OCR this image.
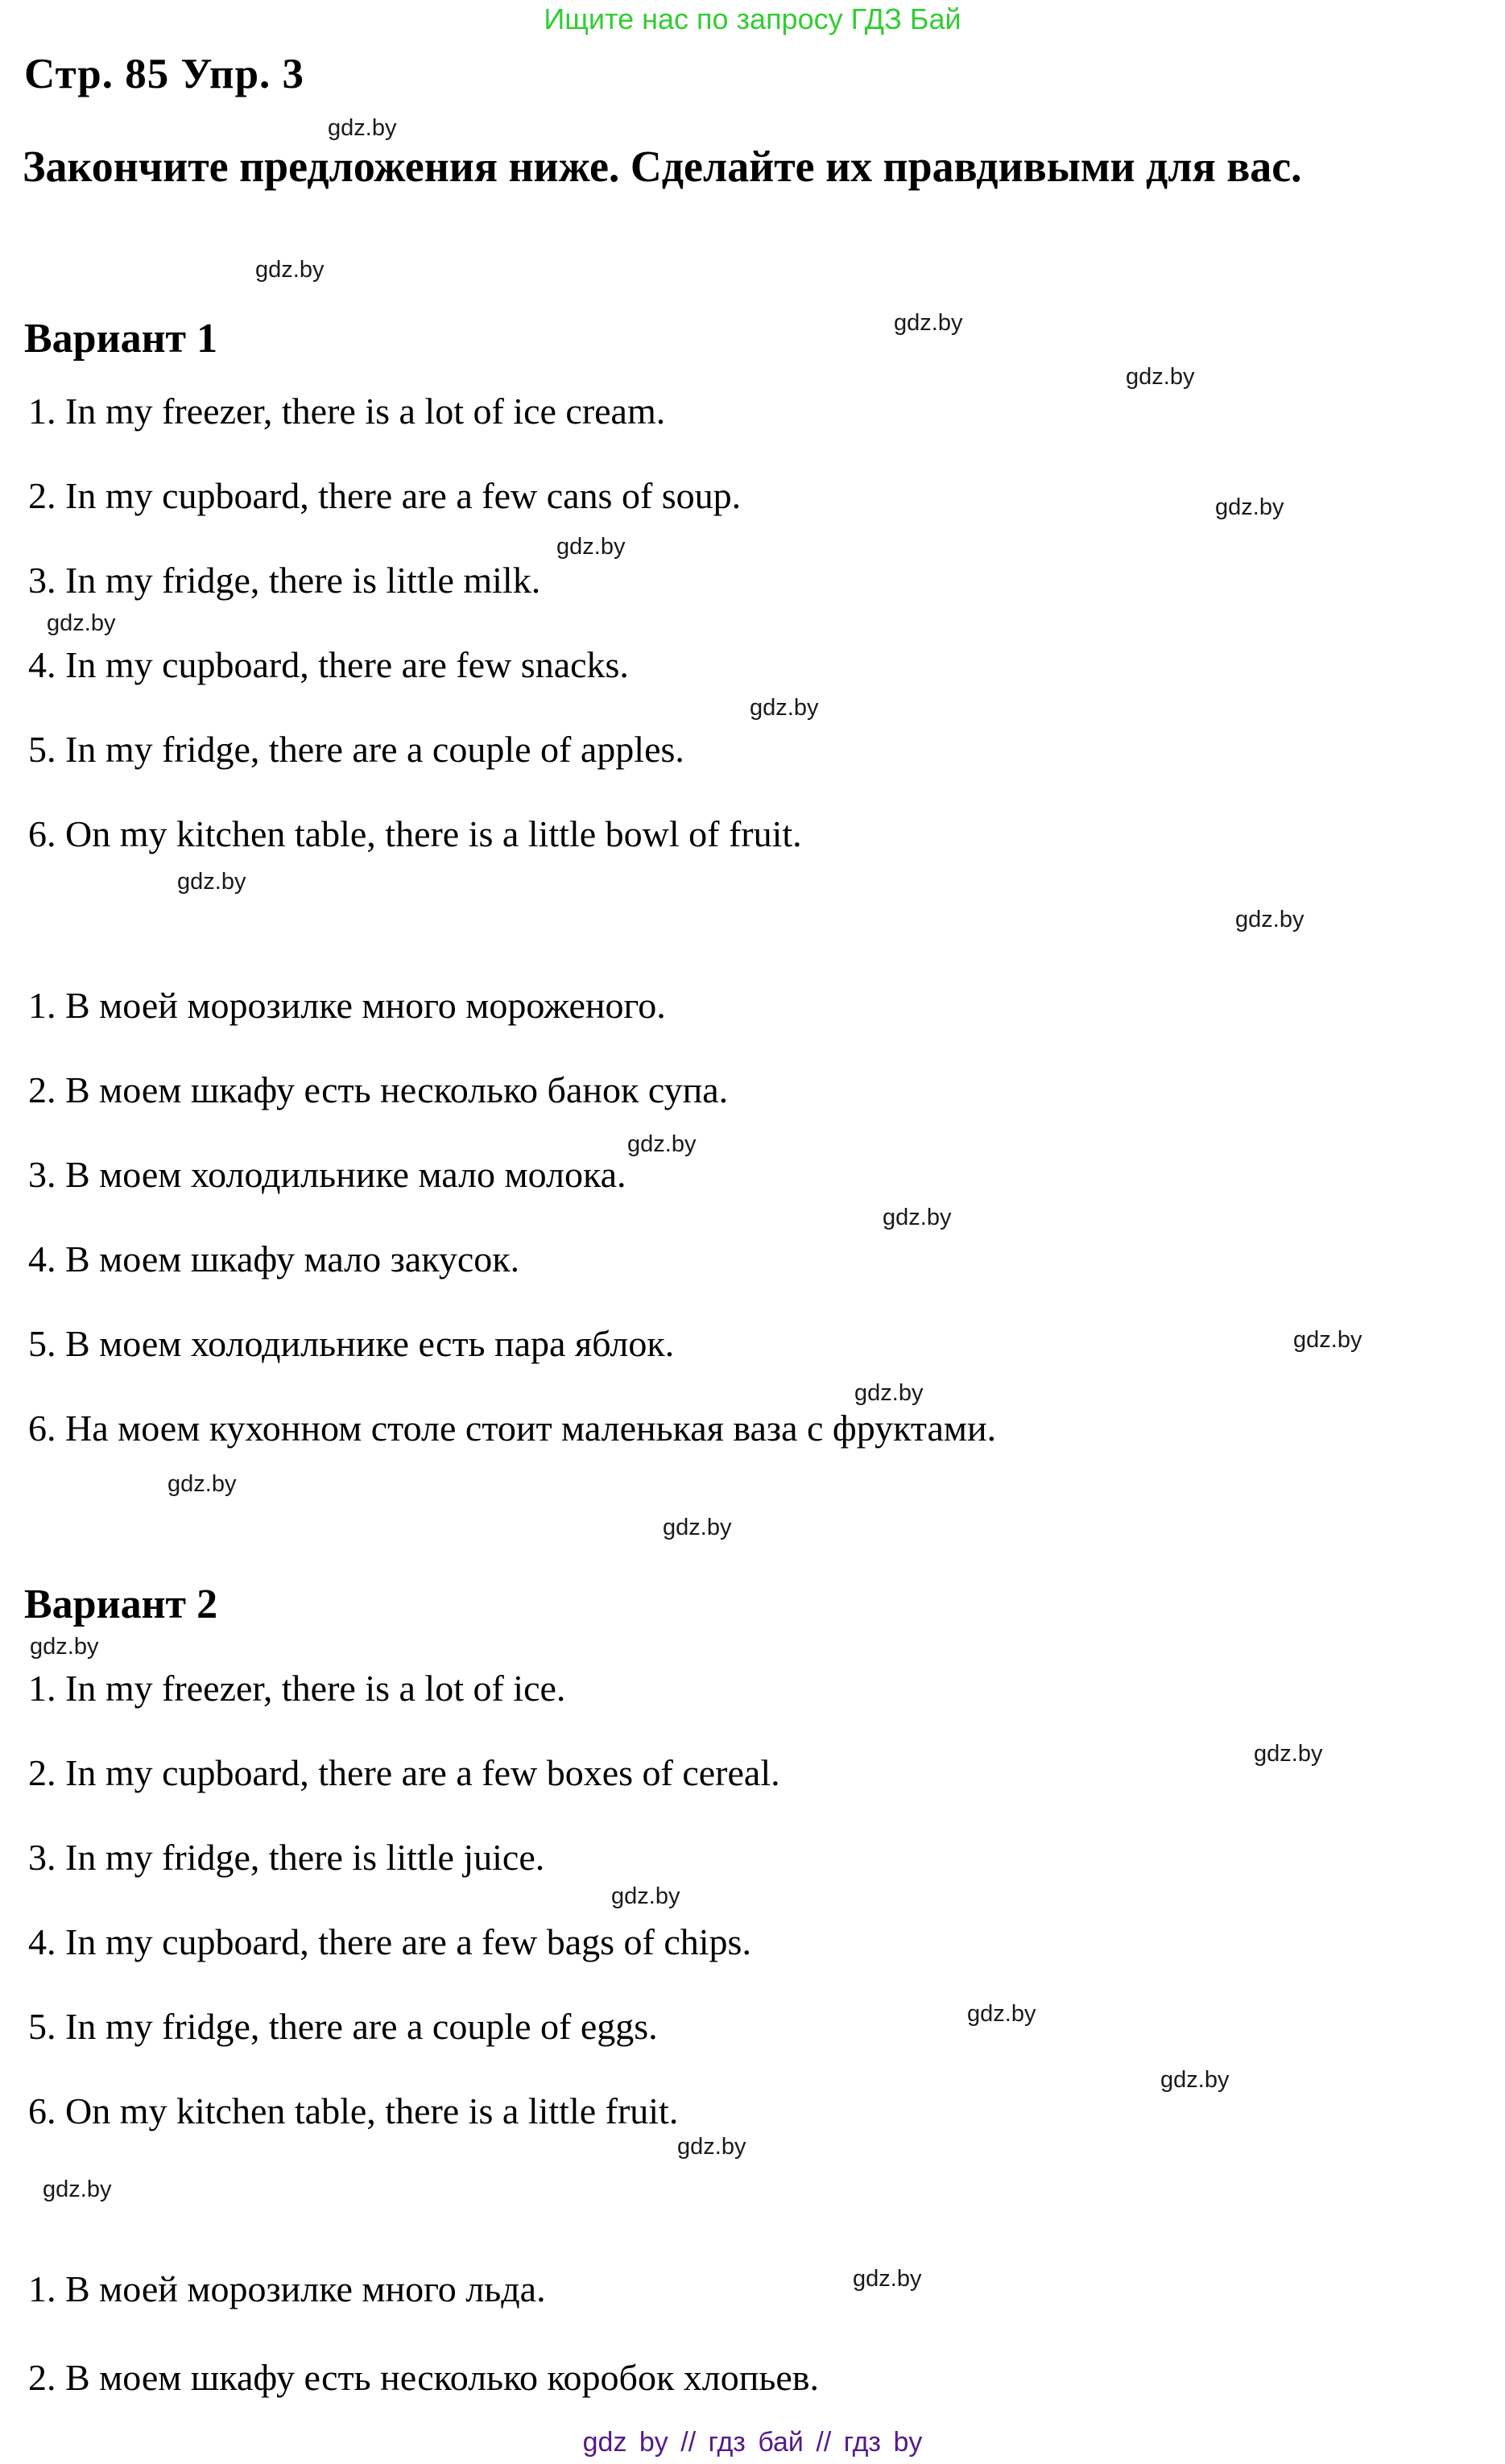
Ищите нас по запросу ГДЗ Бай
Стр. 85 Упр. 3
Закончите предложения ниже. Сделайте их правдивыми для вас.
Вариант 1
1. In my freezer, there is a lot of ice cream.
2. In my cupboard, there are a few cans of soup.
3. In my fridge, there is little milk.
4. In my cupboard, there are few snacks.
5. In my fridge, there are a couple of apples.
6. On my kitchen table, there is a little bowl of fruit.
1. В моей морозилке много мороженого.
2. В моем шкафу есть несколько банок супа.
3. В моем холодильнике мало молока.
4. В моем шкафу мало закусок.
5. В моем холодильнике есть пара яблок.
6. На моем кухонном столе стоит маленькая ваза с фруктами.
Вариант 2
1. In my freezer, there is a lot of ice.
2. In my cupboard, there are a few boxes of cereal.
3. In my fridge, there is little juice.
4. In my cupboard, there are a few bags of chips.
5. In my fridge, there are a couple of eggs.
6. On my kitchen table, there is a little fruit.
1. В моей морозилке много льда.
2. В моем шкафу есть несколько коробок хлопьев.
gdz.by
gdz.by
gdz.by
gdz.by
gdz.by
gdz.by
gdz.by
gdz.by
gdz.by
gdz.by
gdz.by
gdz.by
gdz.by
gdz.by
gdz.by
gdz.by
gdz.by
gdz.by
gdz.by
gdz.by
gdz.by
gdz.by
gdz.by
gdz.by
gdz by // гдз бай // гдз by
